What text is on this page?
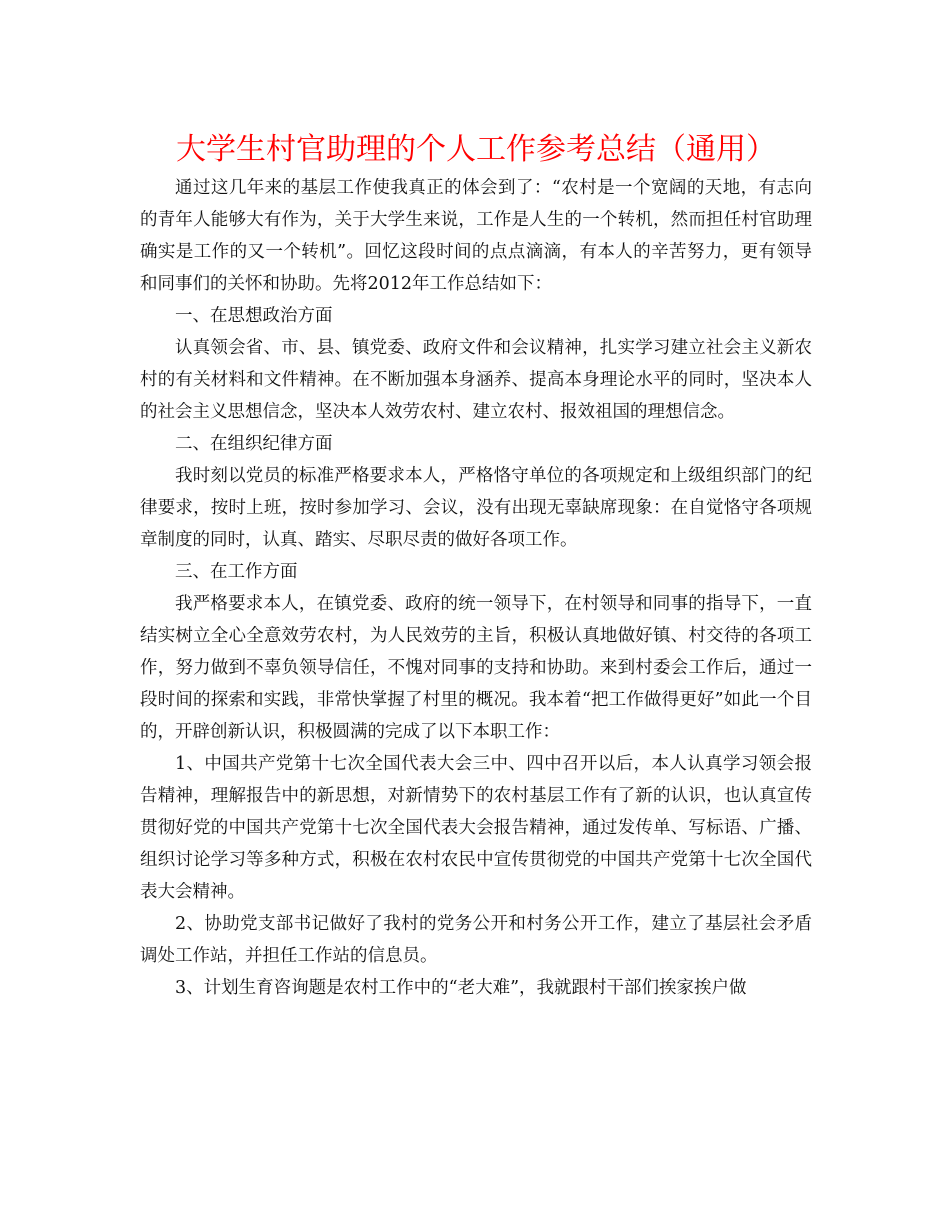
大学生村官助理的个人工作参考总结（通用）

通过这几年来的基层工作使我真正的体会到了：“农村是一个宽阔的天地，有志向的青年人能够大有作为，关于大学生来说，工作是人生的一个转机，然而担任村官助理确实是工作的又一个转机”。回忆这段时间的点点滴滴，有本人的辛苦努力，更有领导和同事们的关怀和协助。先将2012年工作总结如下：

一、在思想政治方面

认真领会省、市、县、镇党委、政府文件和会议精神，扎实学习建立社会主义新农村的有关材料和文件精神。在不断加强本身涵养、提高本身理论水平的同时，坚决本人的社会主义思想信念，坚决本人效劳农村、建立农村、报效祖国的理想信念。

二、在组织纪律方面

我时刻以党员的标准严格要求本人，严格恪守单位的各项规定和上级组织部门的纪律要求，按时上班，按时参加学习、会议，没有出现无辜缺席现象：在自觉恪守各项规章制度的同时，认真、踏实、尽职尽责的做好各项工作。

三、在工作方面

我严格要求本人，在镇党委、政府的统一领导下，在村领导和同事的指导下，一直结实树立全心全意效劳农村，为人民效劳的主旨，积极认真地做好镇、村交待的各项工作，努力做到不辜负领导信任，不愧对同事的支持和协助。来到村委会工作后，通过一段时间的探索和实践，非常快掌握了村里的概况。我本着“把工作做得更好”如此一个目的，开辟创新认识，积极圆满的完成了以下本职工作：

1、中国共产党第十七次全国代表大会三中、四中召开以后，本人认真学习领会报告精神，理解报告中的新思想，对新情势下的农村基层工作有了新的认识，也认真宣传贯彻好党的中国共产党第十七次全国代表大会报告精神，通过发传单、写标语、广播、组织讨论学习等多种方式，积极在农村农民中宣传贯彻党的中国共产党第十七次全国代表大会精神。

2、协助党支部书记做好了我村的党务公开和村务公开工作，建立了基层社会矛盾调处工作站，并担任工作站的信息员。

3、计划生育咨询题是农村工作中的“老大难”，我就跟村干部们挨家挨户做
